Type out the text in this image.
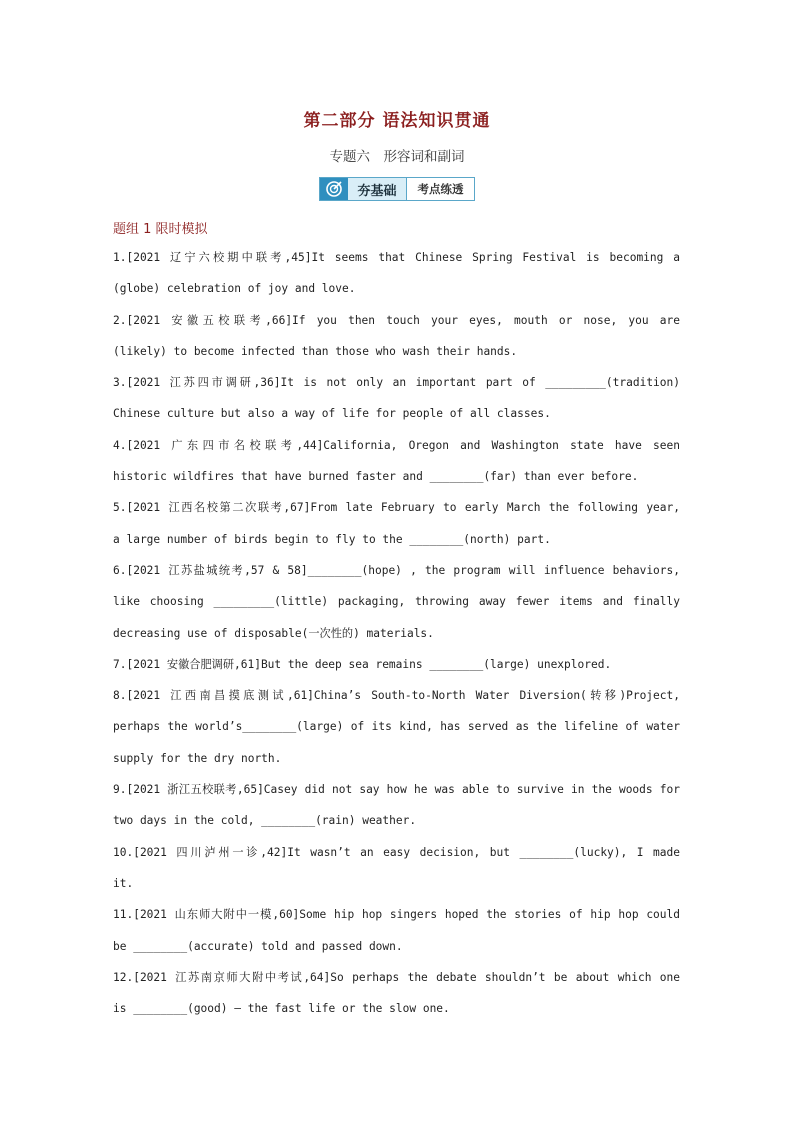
第二部分 语法知识贯通
专题六　形容词和副词
夯基础	考点练透
题组 1 限时模拟
1.[2021 辽宁六校期中联考,45]It seems that Chinese Spring Festival is becoming a
(globe) celebration of joy and love.
2.[2021 安徽五校联考,66]If you then touch your eyes, mouth or nose, you are
(likely) to become infected than those who wash their hands.
3.[2021 江苏四市调研,36]It is not only an important part of _________(tradition)
Chinese culture but also a way of life for people of all classes.
4.[2021 广东四市名校联考,44]California, Oregon and Washington state have seen
historic wildfires that have burned faster and ________(far) than ever before.
5.[2021 江西名校第二次联考,67]From late February to early March the following year,
a large number of birds begin to fly to the ________(north) part.
6.[2021 江苏盐城统考,57 & 58]________(hope) , the program will influence behaviors,
like choosing _________(little) packaging, throwing away fewer items and finally
decreasing use of disposable(一次性的) materials.
7.[2021 安徽合肥调研,61]But the deep sea remains ________(large) unexplored.
8.[2021 江西南昌摸底测试,61]China’s South-to-North Water Diversion(转移)Project,
perhaps the world’s________(large) of its kind, has served as the lifeline of water
supply for the dry north.
9.[2021 浙江五校联考,65]Casey did not say how he was able to survive in the woods for
two days in the cold, ________(rain) weather.
10.[2021 四川泸州一诊,42]It wasn’t an easy decision, but ________(lucky), I made
it.
11.[2021 山东师大附中一模,60]Some hip hop singers hoped the stories of hip hop could
be ________(accurate) told and passed down.
12.[2021 江苏南京师大附中考试,64]So perhaps the debate shouldn’t be about which one
is ________(good) — the fast life or the slow one.
